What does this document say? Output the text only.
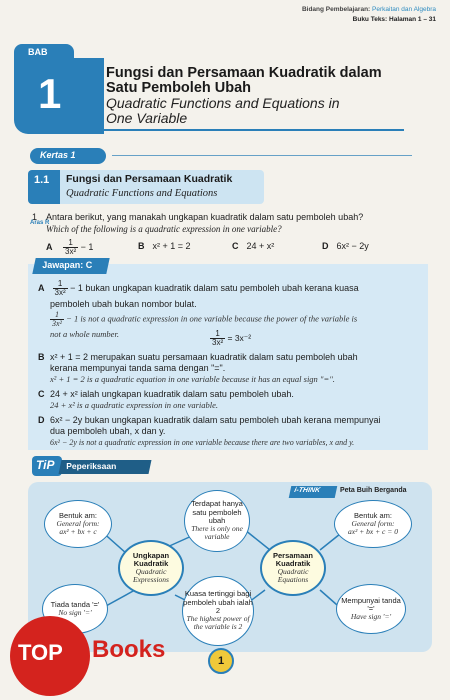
Bidang Pembelajaran: Perkaitan dan Algebra
Buku Teks: Halaman 1 – 31
BAB
1	Fungsi dan Persamaan Kuadratik dalam
Satu Pemboleh Ubah
Quadratic Functions and Equations in
One Variable
Kertas 1
1.1	Fungsi dan Persamaan Kuadratik
Quadratic Functions and Equations
1
Aras R
Antara berikut, yang manakah ungkapan kuadratik dalam satu pemboleh ubah?
Which of the following is a quadratic expression in one variable?
A $\frac{1}{\text{3x²}} - 1$	B x² + 1 = 2	C 24 + x²	D 6x² − 2y
Jawapan: C
A $\frac{1}{\text{3x²}} - 1$ bukan ungkapan kuadratik dalam satu pemboleh ubah kerana kuasa
pemboleh ubah bukan nombor bulat.
$\frac{1}{\text{3x²}} - 1$ is not a quadratic expression in one variable because the power of the variable is
not a whole number.	$\frac{1}{\text{3x²}} = 3x^{-2}$
B x² + 1 = 2 merupakan suatu persamaan kuadratik dalam satu pemboleh ubah
kerana mempunyai tanda sama dengan "=".
x² + 1 = 2 is a quadratic equation in one variable because it has an equal sign "=".
C 24 + x² ialah ungkapan kuadratik dalam satu pemboleh ubah.
24 + x² is a quadratic expression in one variable.
D 6x² − 2y bukan ungkapan kuadratik dalam satu pemboleh ubah kerana mempunyai
dua pemboleh ubah, x dan y.
6x² − 2y is not a quadratic expression in one variable because there are two variables, x and y.
TiP	Peperiksaan
i-THINK	Peta Buih Berganda
Bentuk am:
General form:
ax² + bx + c
Terdapat hanya satu pemboleh ubah
There is only one variable
Bentuk am:
General form:
ax² + bx + c = 0
Ungkapan Kuadratik
Quadratic Expressions
Persamaan Kuadratik
Quadratic Equations
Tiada tanda '='
No sign '='
Kuasa tertinggi bagi pemboleh ubah ialah 2
The highest power of the variable is 2
Mempunyai tanda '='
Have sign '='
1
TOP Books
